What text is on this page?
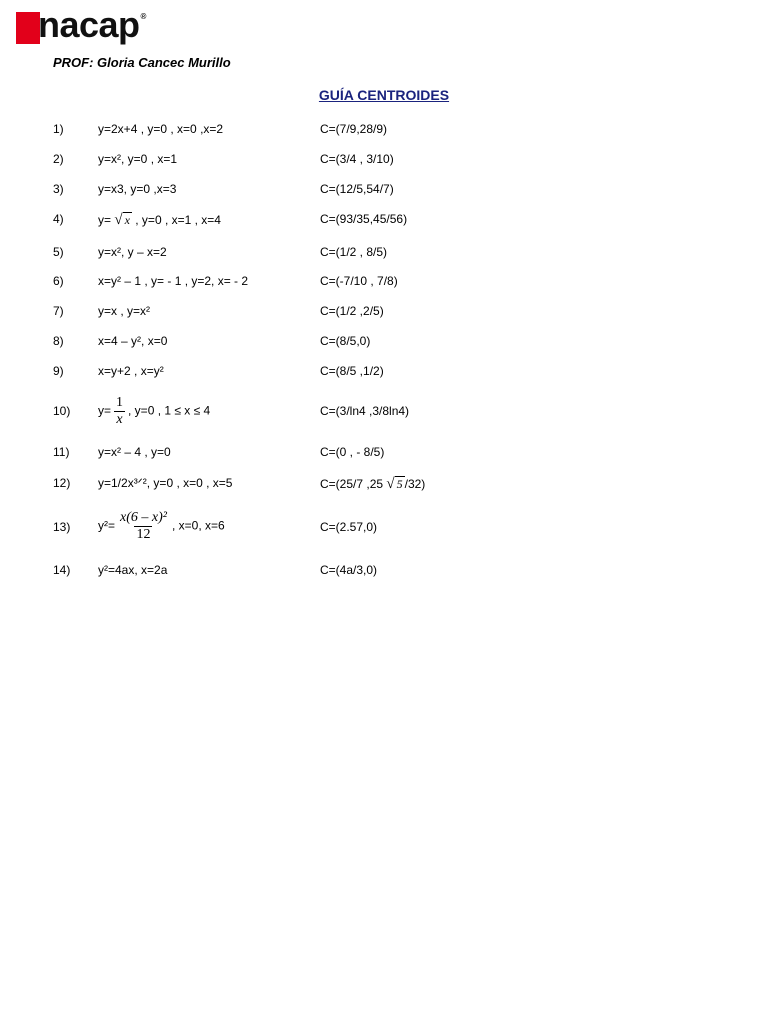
nacap®
PROF: Gloria Cancec Murillo
GUÍA CENTROIDES
1)	y=2x+4 , y=0 , x=0 ,x=2	C=(7/9,28/9)
2)	y=x², y=0 , x=1	C=(3/4 , 3/10)
3)	y=x3, y=0 ,x=3	C=(12/5,54/7)
4)	y= √ x , y=0 , x=1 , x=4	C=(93/35,45/56)
5)	y=x², y – x=2	C=(1/2 , 8/5)
6)	x=y² – 1 , y= - 1 , y=2, x= - 2	C=(-7/10 , 7/8)
7)	y=x , y=x²	C=(1/2 ,2/5)
8)	x=4 – y², x=0	C=(8/5,0)
9)	x=y+2 , x=y²	C=(8/5 ,1/2)
10) $y= \frac{1}{x}$ , y=0 , 1 ≤ x ≤ 4	C=(3/ln4 ,3/8ln4)
11) y=x² – 4 , y=0	C=(0 , - 8/5)
12) y=1/2x³ᐟ², y=0 , x=0 , x=5	C=(25/7 ,25 √ 5 /32)
13) $y^2= \frac{\text{x(6 – x)²}}{12}$ , x=0, x=6	C=(2.57,0)
14) y²=4ax, x=2a	C=(4a/3,0)
